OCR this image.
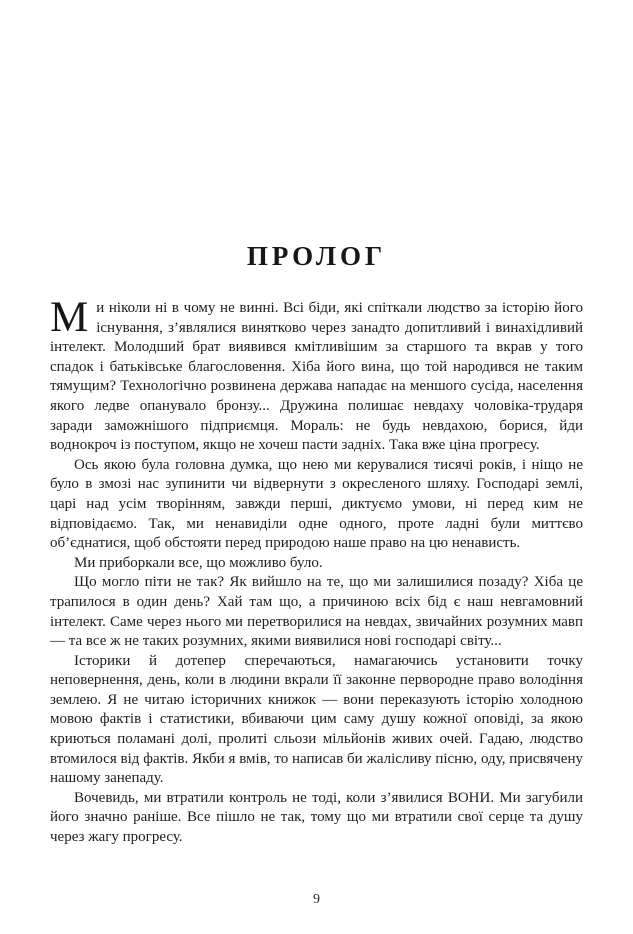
ПРОЛОГ

Ми ніколи ні в чому не винні. Всі біди, які спіткали людство за історію його існування, з’являлися винятково через занадто допитливий і винахідливий інтелект. Молодший брат виявився кмітливішим за старшого та вкрав у того спадок і батьківське благословення. Хіба його вина, що той народився не таким тямущим? Технологічно розвинена держава нападає на меншого сусіда, населення якого ледве опанувало бронзу... Дружина полишає невдаху чоловіка-трударя заради заможнішого підприємця. Мораль: не будь невдахою, борися, йди воднокроч із поступом, якщо не хочеш пасти задніх. Така вже ціна прогресу.

Ось якою була головна думка, що нею ми керувалися тисячі років, і ніщо не було в змозі нас зупинити чи відвернути з окресленого шляху. Господарі землі, царі над усім творінням, завжди перші, диктуємо умови, ні перед ким не відповідаємо. Так, ми ненавиділи одне одного, проте ладні були миттєво об’єднатися, щоб обстояти перед природою наше право на цю ненависть.

Ми приборкали все, що можливо було.

Що могло піти не так? Як вийшло на те, що ми залишилися позаду? Хіба це трапилося в один день? Хай там що, а причиною всіх бід є наш невгамовний інтелект. Саме через нього ми перетворилися на невдах, звичайних розумних мавп — та все ж не таких розумних, якими виявилися нові господарі світу...

Історики й дотепер сперечаються, намагаючись установити точку неповернення, день, коли в людини вкрали її законне первородне право володіння землею. Я не читаю історичних книжок — вони переказують історію холодною мовою фактів і статистики, вбиваючи цим саму душу кожної оповіді, за якою криються поламані долі, пролиті сльози мільйонів живих очей. Гадаю, людство втомилося від фактів. Якби я вмів, то написав би жалісливу пісню, оду, присвячену нашому занепаду.

Вочевидь, ми втратили контроль не тоді, коли з’явилися ВОНИ. Ми загубили його значно раніше. Все пішло не так, тому що ми втратили свої серце та душу через жагу прогресу.

9
